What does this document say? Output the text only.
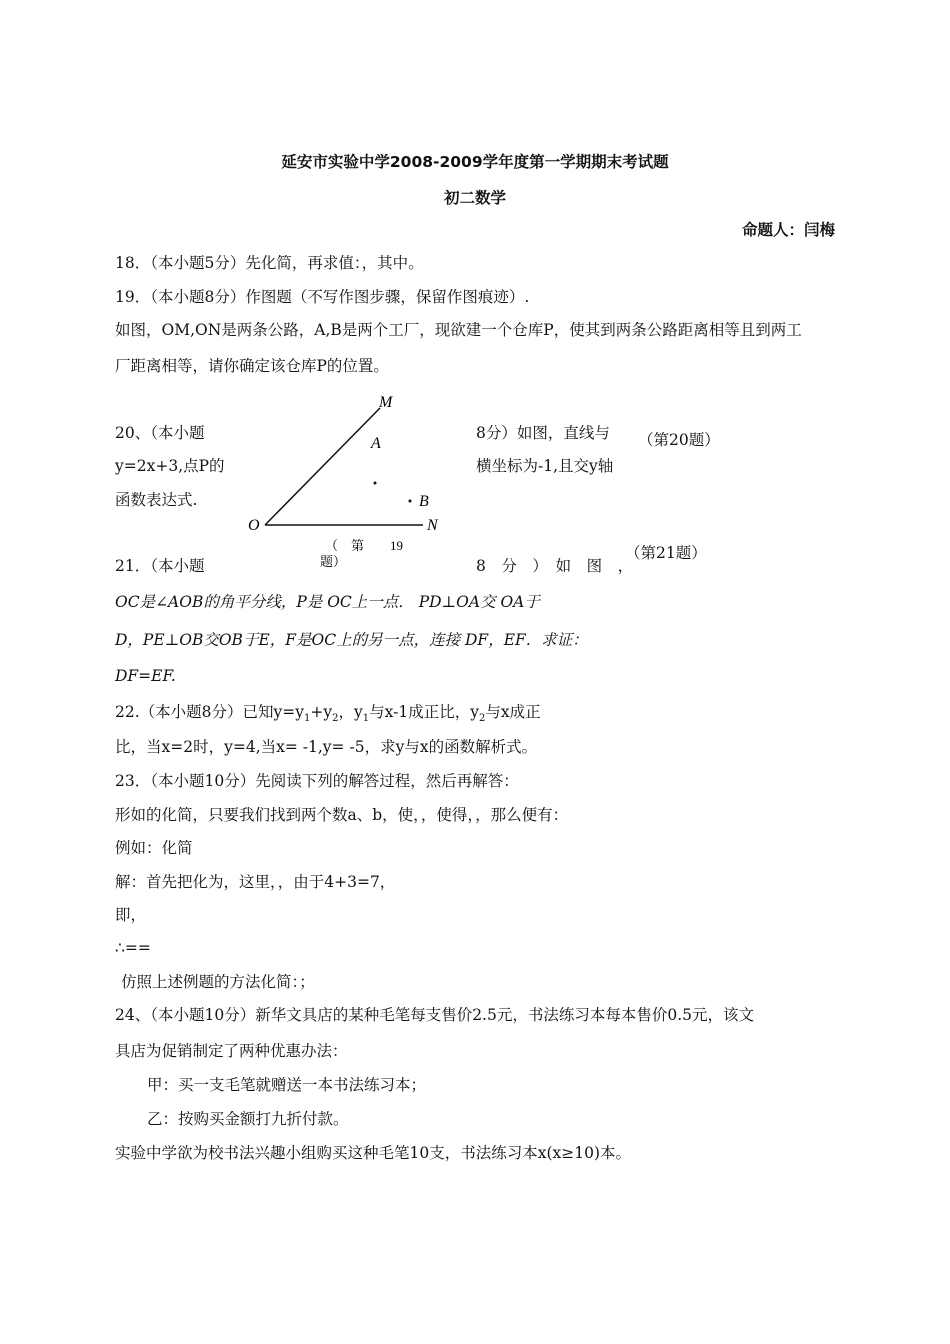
延安市实验中学2008-2009学年度第一学期期末考试题
初二数学
命题人：闫梅
18．（本小题5分）先化简，再求值：，其中。
19．（本小题8分）作图题（不写作图步骤，保留作图痕迹）.
如图，OM,ON是两条公路，A,B是两个工厂，现欲建一个仓库P，使其到两条公路距离相等且到两工
厂距离相等，请你确定该仓库P的位置。
M
A
B
O	N
（　第　　19
题）
20、（本小题	8分）如图，直线与 （第20题）
y=2x+3,点P的	横坐标为-1,且交y轴
函数表达式.
21．（本小题	8　分　）　如　图　，
（第21题）
OC是∠AOB的角平分线，P是 OC上一点． PD⊥OA交 OA于
D，PE⊥OB交OB于E，F是OC上的另一点，连接 DF，EF．求证：
DF=EF.
22.（本小题8分）已知$y=y_1+y_2$，$y_1$与x-1成正比，$y_2$与x成正
比，当x=2时，y=4,当x= -1,y= -5，求y与x的函数解析式。
23．（本小题10分）先阅读下列的解答过程，然后再解答：
形如的化简，只要我们找到两个数a、b，使，，使得，，那么便有：
例如：化简
解：首先把化为，这里，，由于4+3=7，
即，
∴==
仿照上述例题的方法化简：；
24、（本小题10分）新华文具店的某种毛笔每支售价2.5元，书法练习本每本售价0.5元，该文
具店为促销制定了两种优惠办法：
甲：买一支毛笔就赠送一本书法练习本；
乙：按购买金额打九折付款。
实验中学欲为校书法兴趣小组购买这种毛笔10支，书法练习本x(x≥10)本。
